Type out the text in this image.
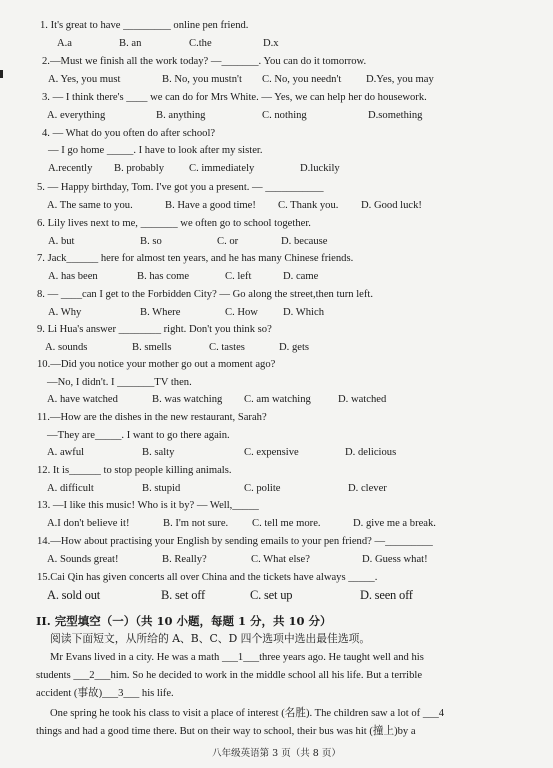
1. It's great to have _________ online pen friend.
A.a	B. an	C.the	D.x
2.—Must we finish all the work today? —_______. You can do it tomorrow.
A. Yes, you must	B. No, you mustn't C. No, you needn't D.Yes, you may
3. — I think there's ____ we can do for Mrs White. — Yes, we can help her do housework.
A. everything	B. anything	C. nothing	D.something
4. — What do you often do after school?
— I go home _____. I have to look after my sister.
A.recently B. probably C. immediately	D.luckily
5. — Happy birthday, Tom. I've got you a present. — ___________
A. The same to you.	B. Have a good time! C. Thank you. D. Good luck!
6. Lily lives next to me, _______ we often go to school together.
A. but	B. so	C. or	D. because
7. Jack______ here for almost ten years, and he has many Chinese friends.
A. has been	B. has come	C. left	D. came
8. — ____can I get to the Forbidden City? — Go along the street,then turn left.
A. Why	B. Where	C. How D. Which
9. Li Hua's answer ________ right. Don't you think so?
A. sounds	B. smells	C. tastes	D. gets
10.—Did you notice your mother go out a moment ago?
—No, I didn't. I _______TV then.
A. have watched	B. was watching C. am watching	D. watched
11.—How are the dishes in the new restaurant, Sarah?
—They are_____. I want to go there again.
A. awful	B. salty	C. expensive	D. delicious
12. It is______ to stop people killing animals.
A. difficult	B. stupid	C. polite	D. clever
13. —I like this music! Who is it by? — Well,_____
A.I don't believe it!	B. I'm not sure. C. tell me more.	D. give me a break.
14.—How about practising your English by sending emails to your pen friend? —_________
A. Sounds great!	B. Really?	C. What else?	D. Guess what!
15.Cai Qin has given concerts all over China and the tickets have always _____.
A. sold out	B. set off	C. set up	D. seen off
II. 完型填空（一）（共 10 小题，每题 1 分，共 10 分）
阅读下面短文，从所给的 A、B、C、D 四个选项中选出最佳选项。
Mr Evans lived in a city. He was a math ___1___three years ago. He taught well and his
students ___2___him. So he decided to work in the middle school all his life. But a terrible
accident (事故)___3___ his life.
One spring he took his class to visit a place of interest (名胜). The children saw a lot of ___4
things and had a good time there. But on their way to school, their bus was hit (撞上)by a
八年级英语第 3 页（共 8 页）
